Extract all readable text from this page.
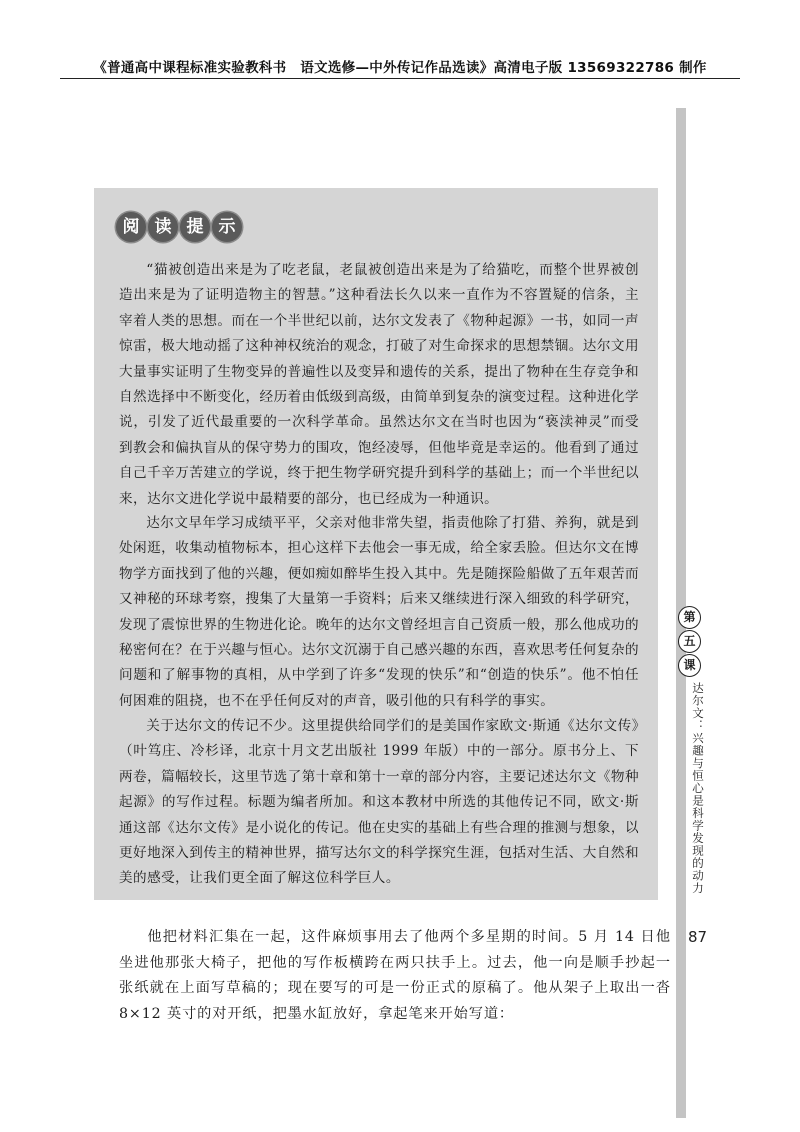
《普通高中课程标准实验教科书　语文选修—中外传记作品选读》高清电子版 13569322786 制作
阅 读 提 示

“猫被创造出来是为了吃老鼠，老鼠被创造出来是为了给猫吃，而整个世界被创造出来是为了证明造物主的智慧。”这种看法长久以来一直作为不容置疑的信条，主宰着人类的思想。而在一个半世纪以前，达尔文发表了《物种起源》一书，如同一声惊雷，极大地动摇了这种神权统治的观念，打破了对生命探求的思想禁锢。达尔文用大量事实证明了生物变异的普遍性以及变异和遗传的关系，提出了物种在生存竞争和自然选择中不断变化，经历着由低级到高级，由简单到复杂的演变过程。这种进化学说，引发了近代最重要的一次科学革命。虽然达尔文在当时也因为“亵渎神灵”而受到教会和偏执盲从的保守势力的围攻，饱经凌辱，但他毕竟是幸运的。他看到了通过自己千辛万苦建立的学说，终于把生物学研究提升到科学的基础上；而一个半世纪以来，达尔文进化学说中最精要的部分，也已经成为一种通识。

达尔文早年学习成绩平平，父亲对他非常失望，指责他除了打猎、养狗，就是到处闲逛，收集动植物标本，担心这样下去他会一事无成，给全家丢脸。但达尔文在博物学方面找到了他的兴趣，便如痴如醉毕生投入其中。先是随探险船做了五年艰苦而又神秘的环球考察，搜集了大量第一手资料；后来又继续进行深入细致的科学研究，发现了震惊世界的生物进化论。晚年的达尔文曾经坦言自己资质一般，那么他成功的秘密何在？在于兴趣与恒心。达尔文沉溺于自己感兴趣的东西，喜欢思考任何复杂的问题和了解事物的真相，从中学到了许多“发现的快乐”和“创造的快乐”。他不怕任何困难的阻挠，也不在乎任何反对的声音，吸引他的只有科学的事实。

关于达尔文的传记不少。这里提供给同学们的是美国作家欧文·斯通《达尔文传》（叶笃庄、冷杉译，北京十月文艺出版社 1999 年版）中的一部分。原书分上、下两卷，篇幅较长，这里节选了第十章和第十一章的部分内容，主要记述达尔文《物种起源》的写作过程。标题为编者所加。和这本教材中所选的其他传记不同，欧文·斯通这部《达尔文传》是小说化的传记。他在史实的基础上有些合理的推测与想象，以更好地深入到传主的精神世界，描写达尔文的科学探究生涯，包括对生活、大自然和美的感受，让我们更全面了解这位科学巨人。

第
五
课
达尔文：兴趣与恒心是科学发现的动力
87

他把材料汇集在一起，这件麻烦事用去了他两个多星期的时间。5 月 14 日他坐进他那张大椅子，把他的写作板横跨在两只扶手上。过去，他一向是顺手抄起一张纸就在上面写草稿的；现在要写的可是一份正式的原稿了。他从架子上取出一沓 8×12 英寸的对开纸，把墨水缸放好，拿起笔来开始写道：
